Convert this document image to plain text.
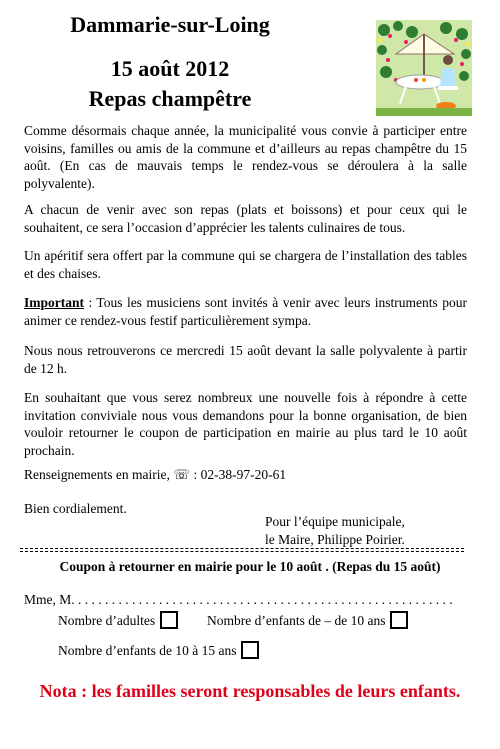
Dammarie-sur-Loing
15 août 2012
Repas champêtre

Comme désormais chaque année, la municipalité vous convie à participer entre voisins, familles ou amis de la commune et d’ailleurs au repas champêtre du 15 août. (En cas de mauvais temps le rendez-vous se déroulera à la salle polyvalente).

A chacun de venir avec son repas (plats et boissons) et pour ceux qui le souhaitent, ce sera l’occasion d’apprécier les talents culinaires de tous.

Un apéritif sera offert par la commune qui se chargera de l’installation des tables et des chaises.

Important : Tous les musiciens sont invités à venir avec leurs instruments pour animer ce rendez-vous festif particulièrement sympa.

Nous nous retrouverons ce mercredi 15 août devant la salle polyvalente à partir de 12 h.

En souhaitant que vous serez nombreux une nouvelle fois à répondre à cette invitation conviviale nous vous demandons pour la bonne organisation, de bien vouloir retourner le coupon de participation en mairie au plus tard le 10 août prochain.

Renseignements en mairie, ☏ : 02-38-97-20-61

Bien cordialement.

Pour l’équipe municipale,

le Maire, Philippe Poirier.

Coupon à retourner en mairie pour le 10 août . (Repas du 15 août)

Mme, M. . . . . . . . . . . . . . . . . . . . . . . . . . . . . . . . . . . . . . . . . . . . . . . . . . . . . . . . .

Nombre d’adultes	Nombre d’enfants de – de 10 ans
Nombre d’enfants de 10 à 15 ans

Nota : les familles seront responsables de leurs enfants.
